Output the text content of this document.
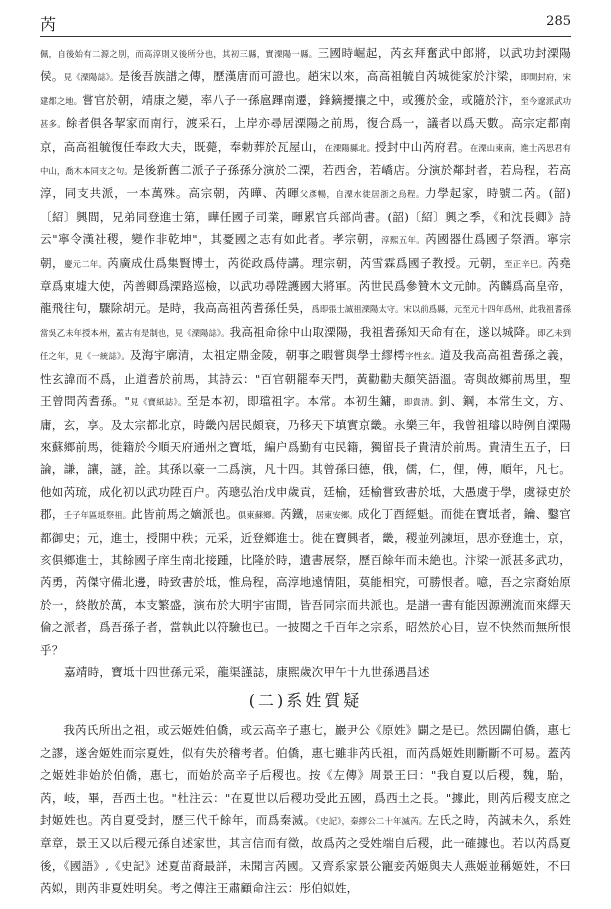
芮	285

佩，自後始有二源之別，而高淳則又後所分也，其初三縣，實溧陽一縣。三國時崛起，芮玄拜奮武中郎將，以武功封溧陽侯。見《溧陽誌》。是後吾族譜之傳，歷漢唐而可證也。趙宋以來，高高祖毓自芮城徙家於汴梁，即開封府，宋建都之地。嘗官於朝，靖康之變，率八子一孫扈蹕南遷，鋒鏑擾攘之中，或獲於金，或隨於汴，至今遼派武功甚多。餘者俱各挈家而南行，渡采石，上岸亦尋居溧陽之前馬，復合爲一，議者以爲天數。高宗定都南京，高高祖毓復任奉政大夫，既薨，奉勅葬於瓦屋山，在溧陽縣北。授封中山芮府君。在溧山東南，進士芮思君有中山，喬木本同支之句。是後新舊二派子子孫孫分演於二溧，若西舍，若嶠店。分演於鄰封者，若烏程，若高淳，同支共派，一本萬殊。高宗朝，芮曄、芮暉父彥暢，自溧水徙居浙之烏程。力學起家，時號二芮。(韶)〔紹〕興間，兄弟同登進士第，曄任國子司業，暉累官兵部尚書。(韶)〔紹〕興之季，《和沈長卿》詩云"寧令漢社稷，變作非乾坤"，其憂國之志有如此者。孝宗朝，淳熙五年。芮國器仕爲國子祭酒。寧宗朝，慶元二年。芮廣成仕爲集賢博士，芮從政爲侍講。理宗朝，芮雪霖爲國子教授。元朝，至正辛巳。芮堯章爲東墟大使，芮善卿爲溧路巡檢，以武功尋陞護國大將軍。芮世民爲參贊木文元帥。芮麟爲高皇帝，龍飛往句，驟除胡元。是時，我高高祖芮耆孫任吳，爲即張士誠祖溧陽太守。宋以前爲縣，元至元十四年爲州，此我祖耆孫當吳乙未年授本州，蓋古有是制也，見《溧陽誌》。我高祖命徐中山取溧陽，我祖耆孫知天命有在，遂以城降。即乙未到任之年，見《一統誌》。及海宇廓清，太祖定鼎金陵，朝事之暇嘗與學士繆樗字性玄。道及我高高祖耆孫之義，性玄諱而不爲，止道耆於前馬，其詩云："百官朝罷奉天門，黃勸勸夫顏笑語溫。寄與故鄉前馬里，聖王曾問芮耆孫。"見《寶紙誌》。至是本初，即璫祖字。本常。本初生鏞，即貴清。釗、鋼，本常生文，方、庸，玄，享。及太宗都北京，時畿內居民頗衰，乃移天下填實京畿。永樂三年，我曾祖璿以時例自溧陽來蘇鄉前馬，徙籍於今順天府通州之寶坻，編户爲勤有屯民籍，獨留長子貴清於前馬。貴清生五子，曰論，謙，讓，謎，詮。其孫以豪一二爲演，凡十四。其曾孫曰德，俄，儒，仁，俚，傅，順年，凡七。他如芮琉，成化初以武功陞百户。芮璁弘治戊申歲貢，廷榆，廷榆嘗致書於坻，大愚虞于學，虞禄吏於郡，壬子年區坻祭祖。此皆前馬之嫡派也。俱東蘇鄉。芮鐵，居東安鄉。成化丁酉經魁。而徙在寶坻者，鑰、鑿官都御史；元，進士，授開中秩；元采，近登鄉進士。徙在寶興者，畿，稷並列諫垣，思亦登進士，京，亥俱鄉進士，其餘國子庠生南北接踵，比隆於時，遺書展祭，歷百餘年而未絶也。汴梁一派甚多武功，芮勇，芮傑守備北邊，時致書於坻，惟烏程，高淳地遠情阻，莫能相究，可勝恨者。噫，吾之宗裔始原於一，終散於萬，本支繁盛，演布於大明宇宙間，皆吾同宗而共派也。是譜一書有能因源溯流而來繹天倫之派者，爲吾孫子者，當執此以符驗也已。一披閱之千百年之宗系，昭然於心目，豈不快然而無所恨乎？

嘉靖時，寶坻十四世孫元采，龍渠謹誌，康熙歲次甲午十九世孫遇昌述

(二)系姓質疑

我芮氏所出之祖，或云姬姓伯僑，或云高辛子惠七，巖尹公《原姓》闢之是已。然因闢伯僑，惠七之謬，遂舍姬姓而宗夏姓，似有失於稽考者。伯僑，惠七雖非芮氏祖，而芮爲姬姓則斷斷不可易。蓋芮之姬姓非始於伯僑，惠七，而始於高辛子后稷也。按《左傳》周景王曰："我自夏以后稷，魏，駘，芮，岐，畢，吾西土也。"杜注云："在夏世以后稷功受此五國，爲西土之長。"據此，則芮后稷支庶之封姬姓也。芮自夏受封，歷三代千餘年，而爲秦滅。《史記》，秦繆公二十年滅芮。左氏之時，芮誠未久，系姓章章，景王又以后稷元孫自述家世，其言信而有徵，故爲芮之受姓端自后稷，此一確據也。若以芮爲夏後，《國語》,《史記》述夏苗裔最詳，未聞言芮國。又齊系家景公寵妾芮姬與夫人燕姬並稱姬姓，不曰芮姒，則芮非夏姓明矣。考之傳注王肅顧命注云：彤伯姒姓，
